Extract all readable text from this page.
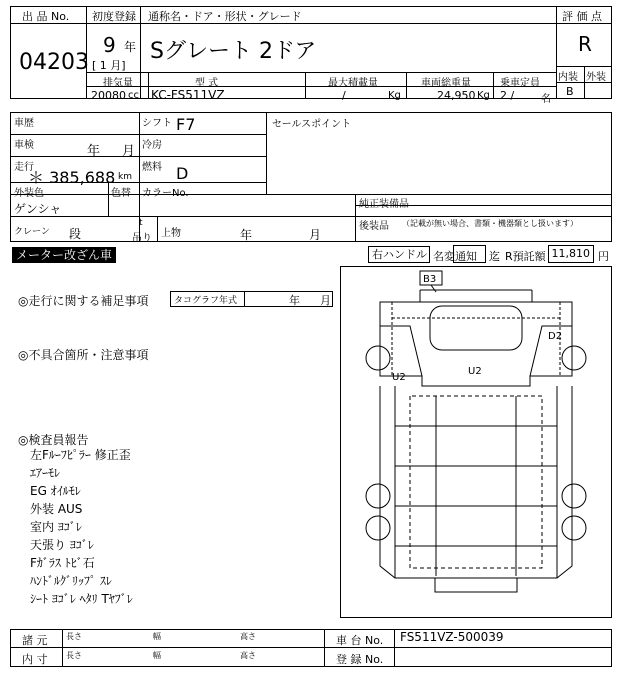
出 品 No.
04203
初度登録 通称名・ドア・形状・グレード
9 年
[ 1 月]
Sグレート 2ドア
評 価 点
R
内装 外装
B
排気量	型 式	最大積載量	車両総重量	乗車定員
20080 cc KC-FS511VZ	/	Kg	24,950 Kg 2 /	名
車歴	シフト F7	セールスポイント
車検	年 月 冷房
走行
＊ 385,688 km
燃料 D
外装色
ゲンシャ
色替 カラーNo.
純正装備品
後装品 （記載が無い場合、書類・機器類とし扱います）
クレーン 段
t
吊り 上物	年	月
メーター改ざん車	右ハンドル 名変通知 迄 R預託額 11,810 円
◎走行に関する補足事項	タコグラフ年式	年 月
◎不具合箇所・注意事項
◎検査員報告
左Fﾙｰﾌﾋﾟﾗｰ 修正歪
ｴｱｰﾓﾚ
EG ｵｲﾙﾓﾚ
外装 AUS
室内 ﾖｺﾞﾚ
天張り ﾖｺﾞﾚ
Fｶﾞﾗｽ ﾄﾋﾞ石
ﾊﾝﾄﾞﾙｸﾞﾘｯﾌﾟ ｽﾚ
ｼｰﾄ ﾖｺﾞﾚ ﾍﾀﾘ Tﾔﾌﾞﾚ
B3
D2
U2
U2
諸 元
内 寸
長さ	幅	高さ
長さ	幅	高さ
車 台 No. FS511VZ-500039
登 録 No.
